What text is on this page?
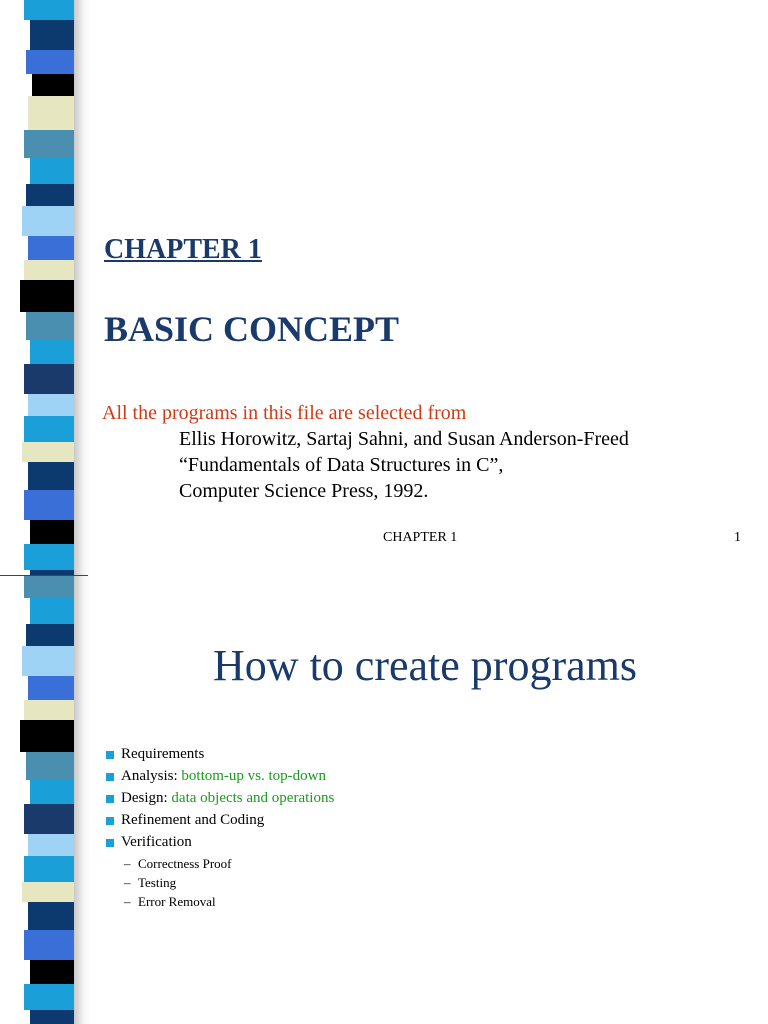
CHAPTER 1
BASIC CONCEPT
All the programs in this file are selected from
Ellis Horowitz, Sartaj Sahni, and Susan Anderson-Freed
“Fundamentals of Data Structures in C”,
Computer Science Press, 1992.
CHAPTER 1	1
How to create programs
Requirements
Analysis: bottom-up vs. top-down
Design: data objects and operations
Refinement and Coding
Verification
– Correctness Proof
– Testing
– Error Removal
